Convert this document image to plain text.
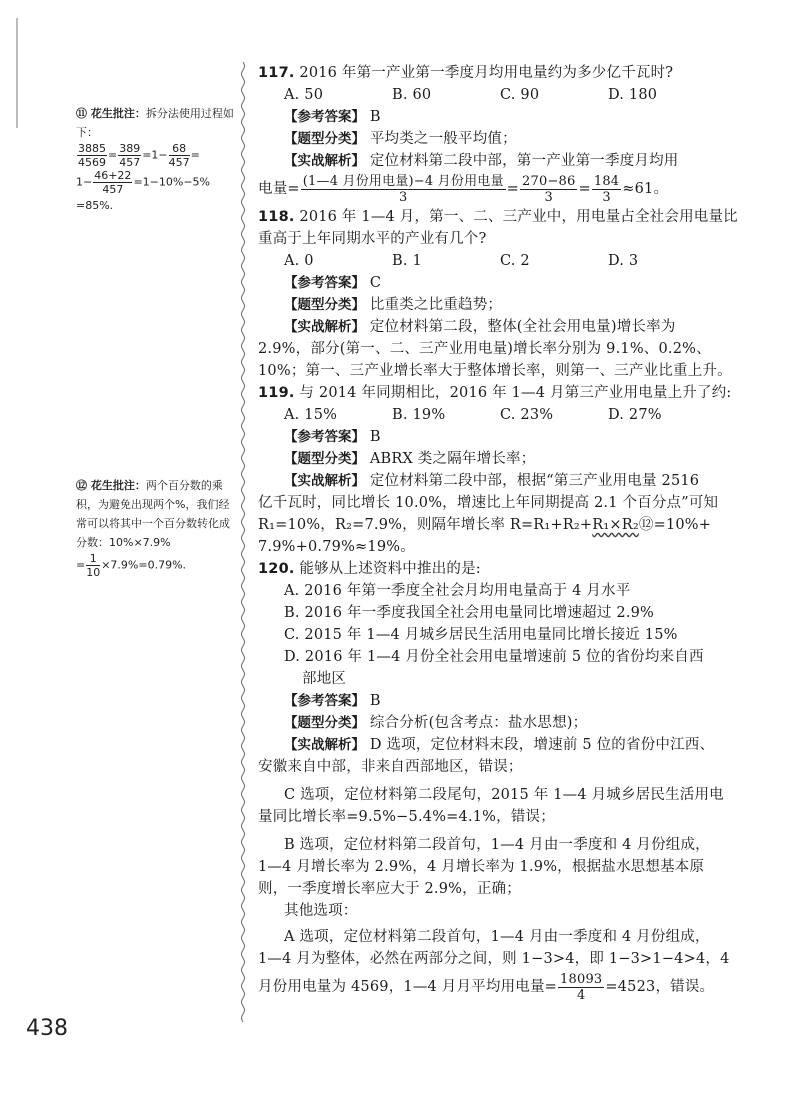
⑪ 花生批注：拆分法使用过程如下：
$\frac{3885}{4569} = \frac{389}{457} =1- \frac{68}{457}$ =
$1- \frac{46+22}{457} =1-10\%-5\%$
=85%.
⑫ 花生批注：两个百分数的乘积，为避免出现两个%，我们经常可以将其中一个百分数转化成分数：10%×7.9%
= $\frac{1}{10} \times 7.9\%=0.79\%$.
117. 2016 年第一产业第一季度月均用电量约为多少亿千瓦时?
A. 50	B. 60	C. 90	D. 180
【参考答案】 B
【题型分类】 平均类之一般平均值；
【实战解析】 定位材料第二段中部，第一产业第一季度月均用
电量= (1—4 月份用电量)−4 月份用电量
3	= $\frac{270-86}{3} = \frac{184}{3} \approx 61$。
118. 2016 年 1—4 月，第一、二、三产业中，用电量占全社会用电量比
重高于上年同期水平的产业有几个?
A. 0	B. 1	C. 2	D. 3
【参考答案】 C
【题型分类】 比重类之比重趋势；
【实战解析】 定位材料第二段，整体(全社会用电量)增长率为
2.9%，部分(第一、二、三产业用电量)增长率分别为 9.1%、0.2%、
10%；第一、三产业增长率大于整体增长率，则第一、三产业比重上升。
119. 与 2014 年同期相比，2016 年 1—4 月第三产业用电量上升了约:
A. 15%	B. 19%	C. 23%	D. 27%
【参考答案】 B
【题型分类】 ABRX 类之隔年增长率；
【实战解析】 定位材料第二段中部，根据“第三产业用电量 2516
亿千瓦时，同比增长 10.0%，增速比上年同期提高 2.1 个百分点”可知
R₁=10%，R₂=7.9%，则隔年增长率 R=R₁+R₂+R₁×R₂⑫=10%+
7.9%+0.79%≈19%。
120. 能够从上述资料中推出的是:
A. 2016 年第一季度全社会月均用电量高于 4 月水平
B. 2016 年一季度我国全社会用电量同比增速超过 2.9%
C. 2015 年 1—4 月城乡居民生活用电量同比增长接近 15%
D. 2016 年 1—4 月份全社会用电量增速前 5 位的省份均来自西
部地区
【参考答案】 B
【题型分类】 综合分析(包含考点：盐水思想)；
【实战解析】 D 选项，定位材料末段，增速前 5 位的省份中江西、
安徽来自中部，非来自西部地区，错误；
C 选项，定位材料第二段尾句，2015 年 1—4 月城乡居民生活用电
量同比增长率=9.5%−5.4%=4.1%，错误；
B 选项，定位材料第二段首句，1—4 月由一季度和 4 月份组成，
1—4 月增长率为 2.9%，4 月增长率为 1.9%，根据盐水思想基本原
则，一季度增长率应大于 2.9%，正确；
其他选项：
A 选项，定位材料第二段首句，1—4 月由一季度和 4 月份组成，
1—4 月为整体，必然在两部分之间，则 1−3>4，即 1−3>1−4>4，4
月份用电量为 4569，1—4 月月平均用电量= $\frac{18093}{4} =4523$，错误。
438
